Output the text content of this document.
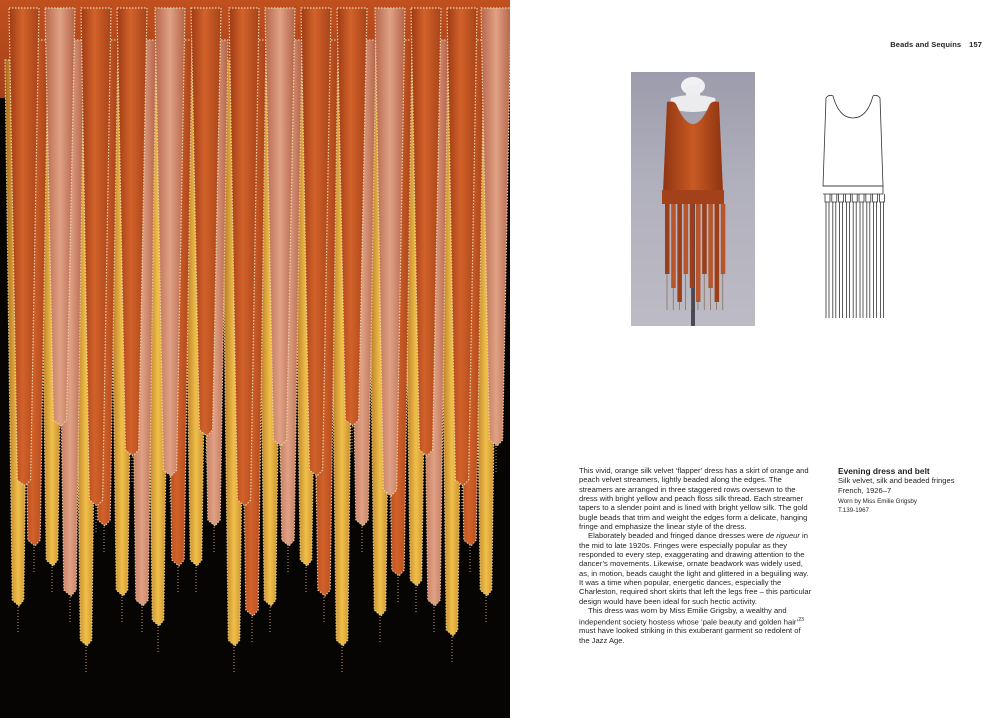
Beads and Sequins 157

This vivid, orange silk velvet ‘flapper’ dress has a skirt of orange and peach velvet streamers, lightly beaded along the edges. The streamers are arranged in three staggered rows oversewn to the dress with bright yellow and peach floss silk thread. Each streamer tapers to a slender point and is lined with bright yellow silk. The gold bugle beads that trim and weight the edges form a delicate, hanging fringe and emphasize the linear style of the dress.

Elaborately beaded and fringed dance dresses were de rigueur in the mid to late 1920s. Fringes were especially popular as they responded to every step, exaggerating and drawing attention to the dancer’s movements. Likewise, ornate beadwork was widely used, as, in motion, beads caught the light and glittered in a beguiling way. It was a time when popular, energetic dances, especially the Charleston, required short skirts that left the legs free – this particular design would have been ideal for such hectic activity.

This dress was worn by Miss Emilie Grigsby, a wealthy and independent society hostess whose ‘pale beauty and golden hair’$^{23}$ must have looked striking in this exuberant garment so redolent of the Jazz Age.

Evening dress and belt
Silk velvet, silk and beaded fringes
French, 1926–7
Worn by Miss Emilie Grigsby
T.139-1967
